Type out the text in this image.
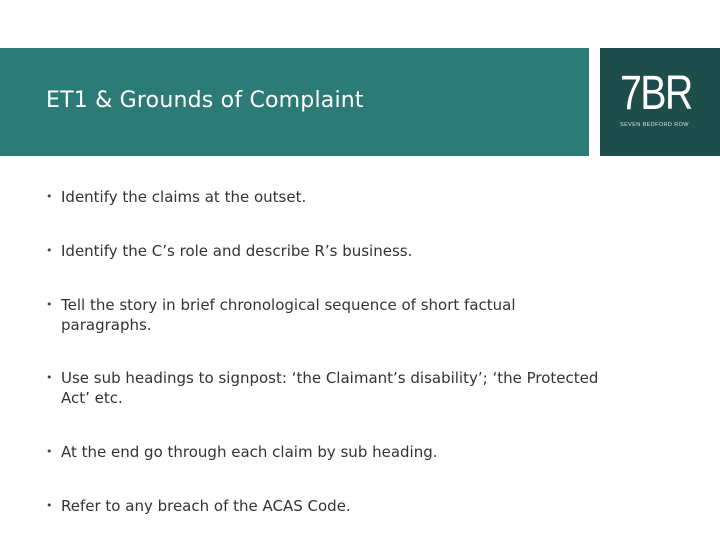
ET1 & Grounds of Complaint	7BR
SEVEN BEDFORD ROW
• Identify the claims at the outset.
• Identify the C’s role and describe R’s business.
• Tell the story in brief chronological sequence of short factual paragraphs.
• Use sub headings to signpost: ‘the Claimant’s disability’; ‘the Protected Act’ etc.
• At the end go through each claim by sub heading.
• Refer to any breach of the ACAS Code.
